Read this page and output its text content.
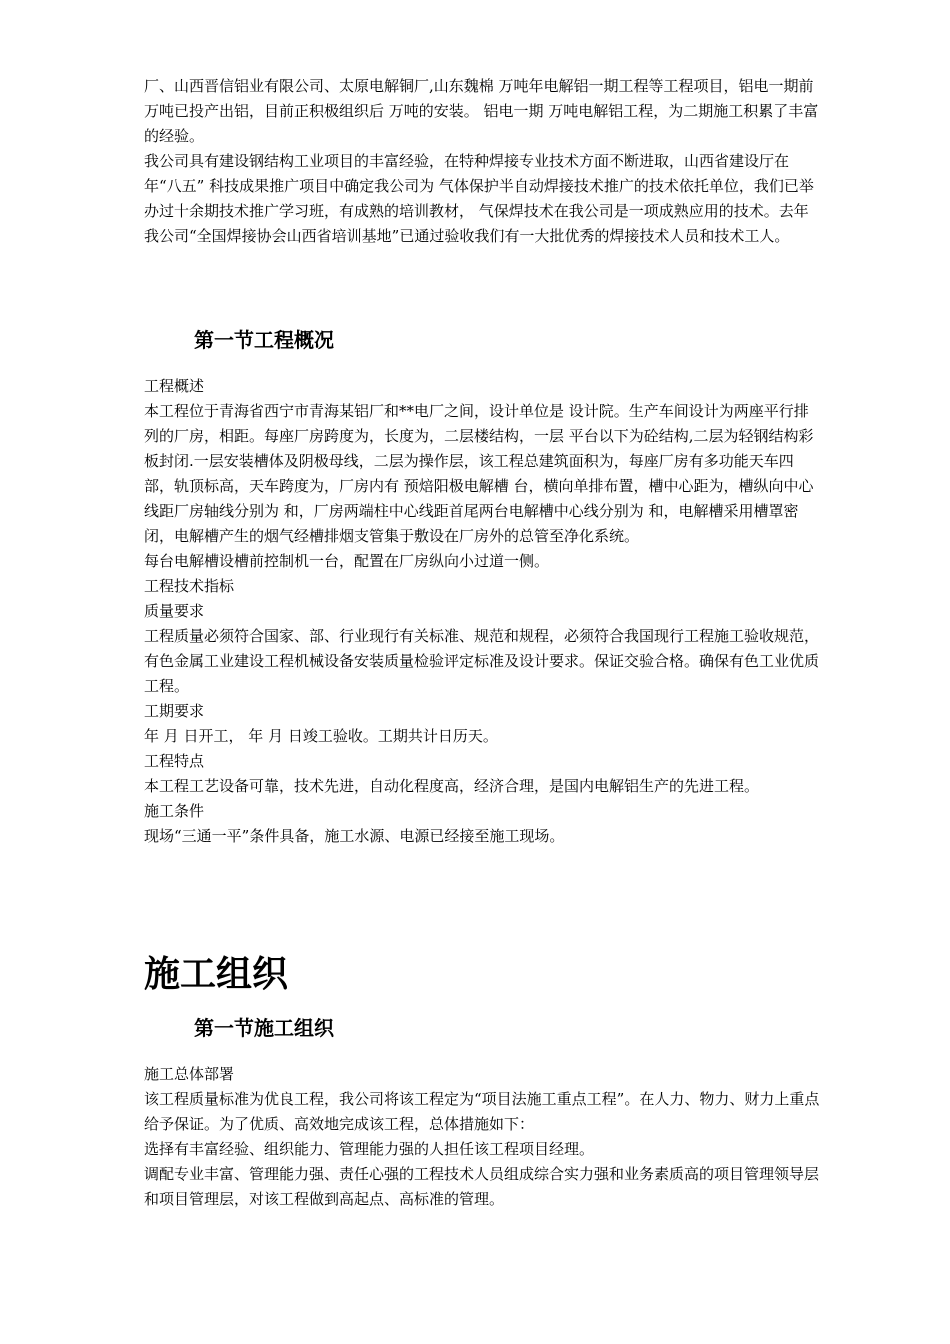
厂、山西晋信铝业有限公司、太原电解铜厂,山东魏棉 万吨年电解铝一期工程等工程项目，铝电一期前 万吨已投产出铝，目前正积极组织后 万吨的安装。 铝电一期 万吨电解铝工程，为二期施工积累了丰富的经验。

我公司具有建设钢结构工业项目的丰富经验，在特种焊接专业技术方面不断进取，山西省建设厅在 年“八五” 科技成果推广项目中确定我公司为 气体保护半自动焊接技术推广的技术依托单位，我们已举办过十余期技术推广学习班，有成熟的培训教材， 气保焊技术在我公司是一项成熟应用的技术。去年我公司“全国焊接协会山西省培训基地”已通过验收我们有一大批优秀的焊接技术人员和技术工人。

第一节工程概况

工程概述

本工程位于青海省西宁市青海某铝厂和**电厂之间，设计单位是 设计院。生产车间设计为两座平行排列的厂房，相距。每座厂房跨度为，长度为，二层楼结构，一层 平台以下为砼结构,二层为轻钢结构彩板封闭.一层安装槽体及阴极母线，二层为操作层，该工程总建筑面积为，每座厂房有多功能天车四部，轨顶标高，天车跨度为，厂房内有 预焙阳极电解槽 台，横向单排布置，槽中心距为，槽纵向中心线距厂房轴线分别为 和，厂房两端柱中心线距首尾两台电解槽中心线分别为 和，电解槽采用槽罩密闭，电解槽产生的烟气经槽排烟支管集于敷设在厂房外的总管至净化系统。

每台电解槽设槽前控制机一台，配置在厂房纵向小过道一侧。

工程技术指标

质量要求

工程质量必须符合国家、部、行业现行有关标准、规范和规程，必须符合我国现行工程施工验收规范，有色金属工业建设工程机械设备安装质量检验评定标准及设计要求。保证交验合格。确保有色工业优质工程。

工期要求

年 月 日开工， 年 月 日竣工验收。工期共计日历天。

工程特点

本工程工艺设备可靠，技术先进，自动化程度高，经济合理，是国内电解铝生产的先进工程。

施工条件

现场“三通一平”条件具备，施工水源、电源已经接至施工现场。

施工组织
第一节施工组织

施工总体部署

该工程质量标准为优良工程，我公司将该工程定为“项目法施工重点工程”。在人力、物力、财力上重点给予保证。为了优质、高效地完成该工程，总体措施如下：

选择有丰富经验、组织能力、管理能力强的人担任该工程项目经理。

调配专业丰富、管理能力强、责任心强的工程技术人员组成综合实力强和业务素质高的项目管理领导层和项目管理层，对该工程做到高起点、高标准的管理。
